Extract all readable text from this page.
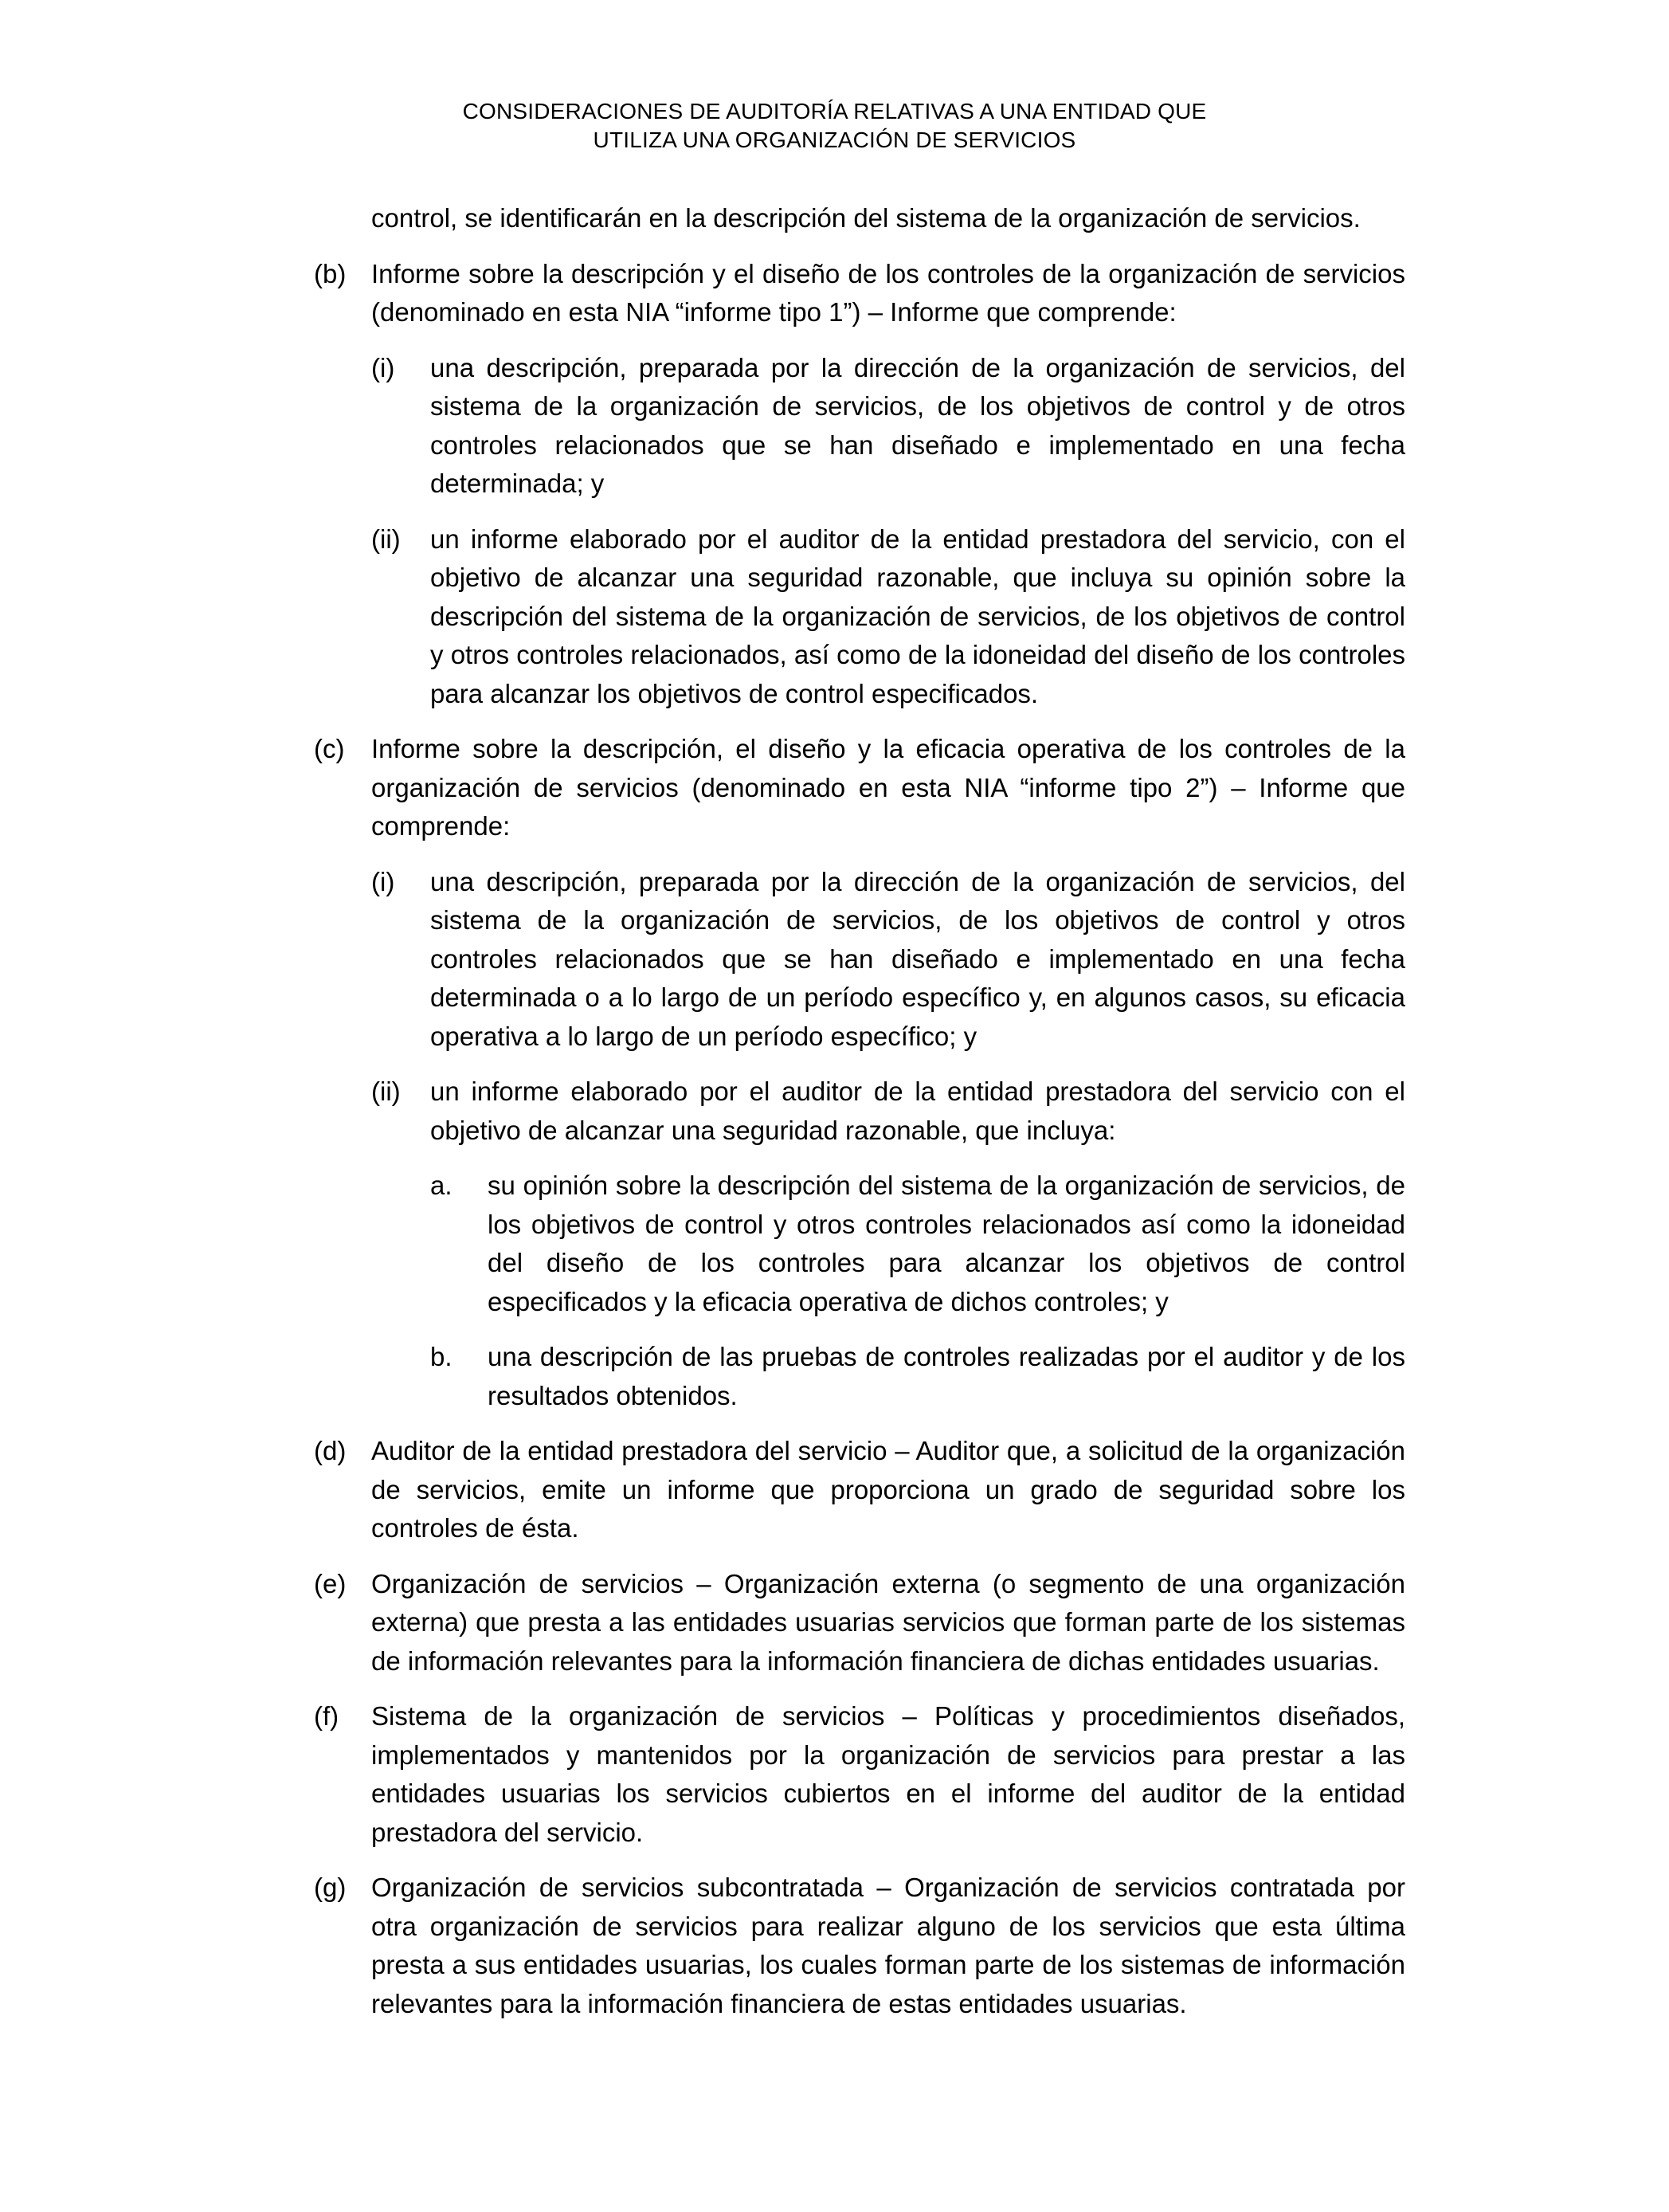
CONSIDERACIONES DE AUDITORÍA RELATIVAS A UNA ENTIDAD QUE
UTILIZA UNA ORGANIZACIÓN DE SERVICIOS
control, se identificarán en la descripción del sistema de la organización de servicios.
(b) Informe sobre la descripción y el diseño de los controles de la organización de servicios (denominado en esta NIA “informe tipo 1”) – Informe que comprende:
(i) una descripción, preparada por la dirección de la organización de servicios, del sistema de la organización de servicios, de los objetivos de control y de otros controles relacionados que se han diseñado e implementado en una fecha determinada; y
(ii) un informe elaborado por el auditor de la entidad prestadora del servicio, con el objetivo de alcanzar una seguridad razonable, que incluya su opinión sobre la descripción del sistema de la organización de servicios, de los objetivos de control y otros controles relacionados, así como de la idoneidad del diseño de los controles para alcanzar los objetivos de control especificados.
(c) Informe sobre la descripción, el diseño y la eficacia operativa de los controles de la organización de servicios (denominado en esta NIA “informe tipo 2”) – Informe que comprende:
(i) una descripción, preparada por la dirección de la organización de servicios, del sistema de la organización de servicios, de los objetivos de control y otros controles relacionados que se han diseñado e implementado en una fecha determinada o a lo largo de un período específico y, en algunos casos, su eficacia operativa a lo largo de un período específico; y
(ii) un informe elaborado por el auditor de la entidad prestadora del servicio con el objetivo de alcanzar una seguridad razonable, que incluya:
a. su opinión sobre la descripción del sistema de la organización de servicios, de los objetivos de control y otros controles relacionados así como la idoneidad del diseño de los controles para alcanzar los objetivos de control especificados y la eficacia operativa de dichos controles; y
b. una descripción de las pruebas de controles realizadas por el auditor y de los resultados obtenidos.
(d) Auditor de la entidad prestadora del servicio – Auditor que, a solicitud de la organización de servicios, emite un informe que proporciona un grado de seguridad sobre los controles de ésta.
(e) Organización de servicios – Organización externa (o segmento de una organización externa) que presta a las entidades usuarias servicios que forman parte de los sistemas de información relevantes para la información financiera de dichas entidades usuarias.
(f) Sistema de la organización de servicios – Políticas y procedimientos diseñados, implementados y mantenidos por la organización de servicios para prestar a las entidades usuarias los servicios cubiertos en el informe del auditor de la entidad prestadora del servicio.
(g) Organización de servicios subcontratada – Organización de servicios contratada por otra organización de servicios para realizar alguno de los servicios que esta última presta a sus entidades usuarias, los cuales forman parte de los sistemas de información relevantes para la información financiera de estas entidades usuarias.
